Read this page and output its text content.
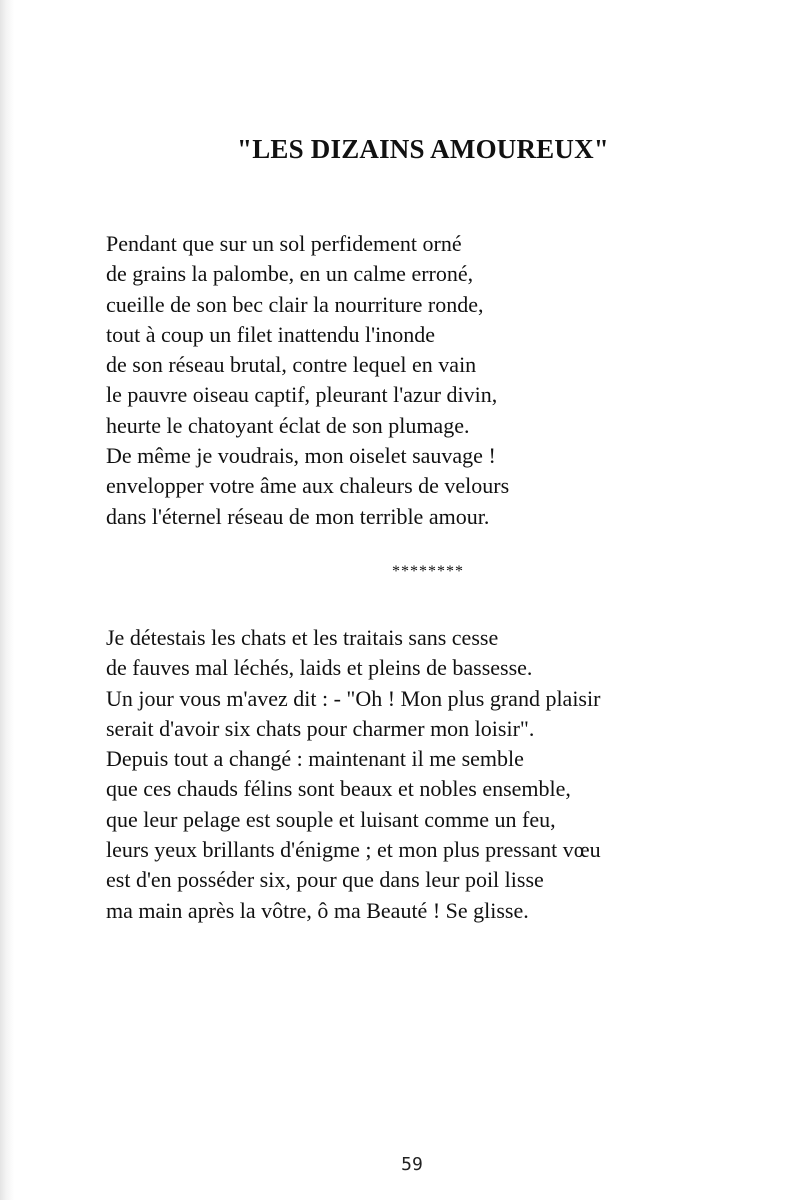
"LES DIZAINS AMOUREUX"
Pendant que sur un sol perfidement orné
de grains la palombe, en un calme erroné,
cueille de son bec clair la nourriture ronde,
tout à coup un filet inattendu l'inonde
de son réseau brutal, contre lequel en vain
le pauvre oiseau captif, pleurant l'azur divin,
heurte le chatoyant éclat de son plumage.
De même je voudrais, mon oiselet sauvage !
envelopper votre âme aux chaleurs de velours
dans l'éternel réseau de mon terrible amour.
********
Je détestais les chats et les traitais sans cesse
de fauves mal léchés, laids et pleins de bassesse.
Un jour vous m'avez dit : - "Oh ! Mon plus grand plaisir
serait d'avoir six chats pour charmer mon loisir".
Depuis tout a changé : maintenant il me semble
que ces chauds félins sont beaux et nobles ensemble,
que leur pelage est souple et luisant comme un feu,
leurs yeux brillants d'énigme ; et mon plus pressant vœu
est d'en posséder six, pour que dans leur poil lisse
ma main après la vôtre, ô ma Beauté ! Se glisse.
59
